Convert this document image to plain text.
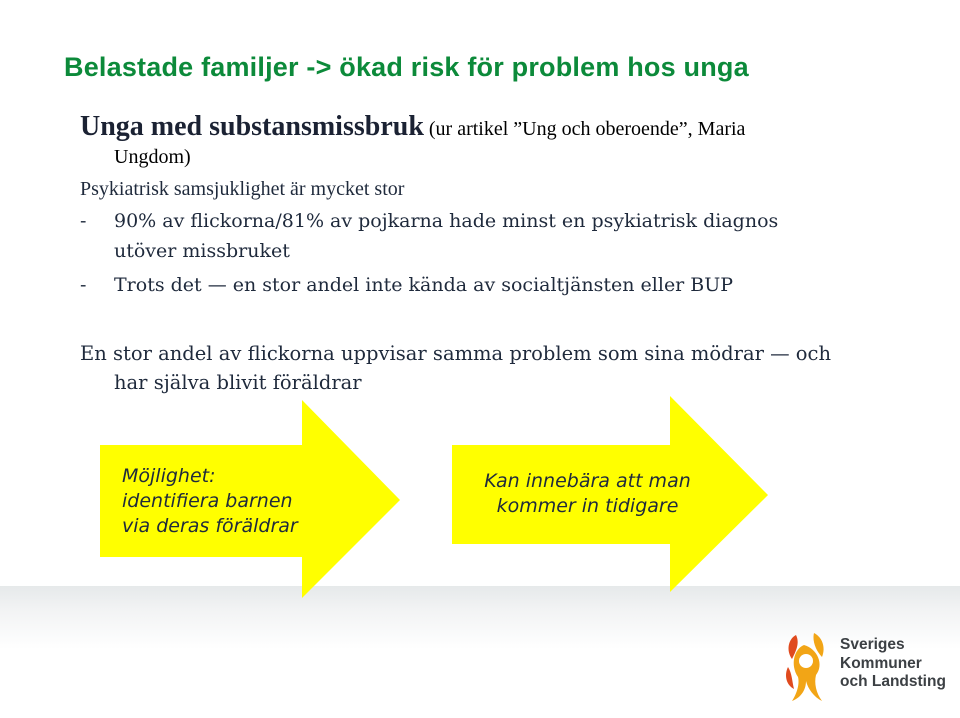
Belastade familjer -> ökad risk för problem hos unga
Unga med substansmissbruk (ur artikel ”Ung och oberoende”, Maria
Ungdom)
Psykiatrisk samsjuklighet är mycket stor
- 90% av flickorna/81% av pojkarna hade minst en psykiatrisk diagnos
utöver missbruket
- Trots det — en stor andel inte kända av socialtjänsten eller BUP
En stor andel av flickorna uppvisar samma problem som sina mödrar — och
har själva blivit föräldrar
Möjlighet:
identifiera barnen
via deras föräldrar
Kan innebära att man
kommer in tidigare
Sveriges
Kommuner
och Landsting
